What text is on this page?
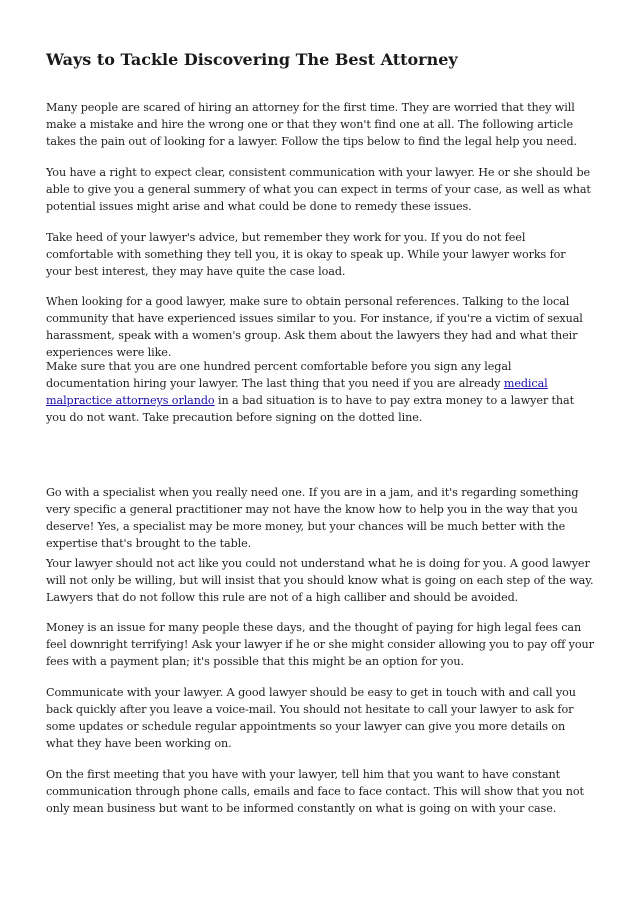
Ways to Tackle Discovering The Best Attorney

Many people are scared of hiring an attorney for the first time. They are worried that they will make a mistake and hire the wrong one or that they won't find one at all. The following article takes the pain out of looking for a lawyer. Follow the tips below to find the legal help you need.

You have a right to expect clear, consistent communication with your lawyer. He or she should be able to give you a general summery of what you can expect in terms of your case, as well as what potential issues might arise and what could be done to remedy these issues.

Take heed of your lawyer's advice, but remember they work for you. If you do not feel comfortable with something they tell you, it is okay to speak up. While your lawyer works for your best interest, they may have quite the case load.

When looking for a good lawyer, make sure to obtain personal references. Talking to the local community that have experienced issues similar to you. For instance, if you're a victim of sexual harassment, speak with a women's group. Ask them about the lawyers they had and what their experiences were like.

Make sure that you are one hundred percent comfortable before you sign any legal documentation hiring your lawyer. The last thing that you need if you are already medical malpractice attorneys orlando in a bad situation is to have to pay extra money to a lawyer that you do not want. Take precaution before signing on the dotted line.

Go with a specialist when you really need one. If you are in a jam, and it's regarding something very specific a general practitioner may not have the know how to help you in the way that you deserve! Yes, a specialist may be more money, but your chances will be much better with the expertise that's brought to the table.

Your lawyer should not act like you could not understand what he is doing for you. A good lawyer will not only be willing, but will insist that you should know what is going on each step of the way. Lawyers that do not follow this rule are not of a high calliber and should be avoided.

Money is an issue for many people these days, and the thought of paying for high legal fees can feel downright terrifying! Ask your lawyer if he or she might consider allowing you to pay off your fees with a payment plan; it's possible that this might be an option for you.

Communicate with your lawyer. A good lawyer should be easy to get in touch with and call you back quickly after you leave a voice-mail. You should not hesitate to call your lawyer to ask for some updates or schedule regular appointments so your lawyer can give you more details on what they have been working on.

On the first meeting that you have with your lawyer, tell him that you want to have constant communication through phone calls, emails and face to face contact. This will show that you not only mean business but want to be informed constantly on what is going on with your case.
